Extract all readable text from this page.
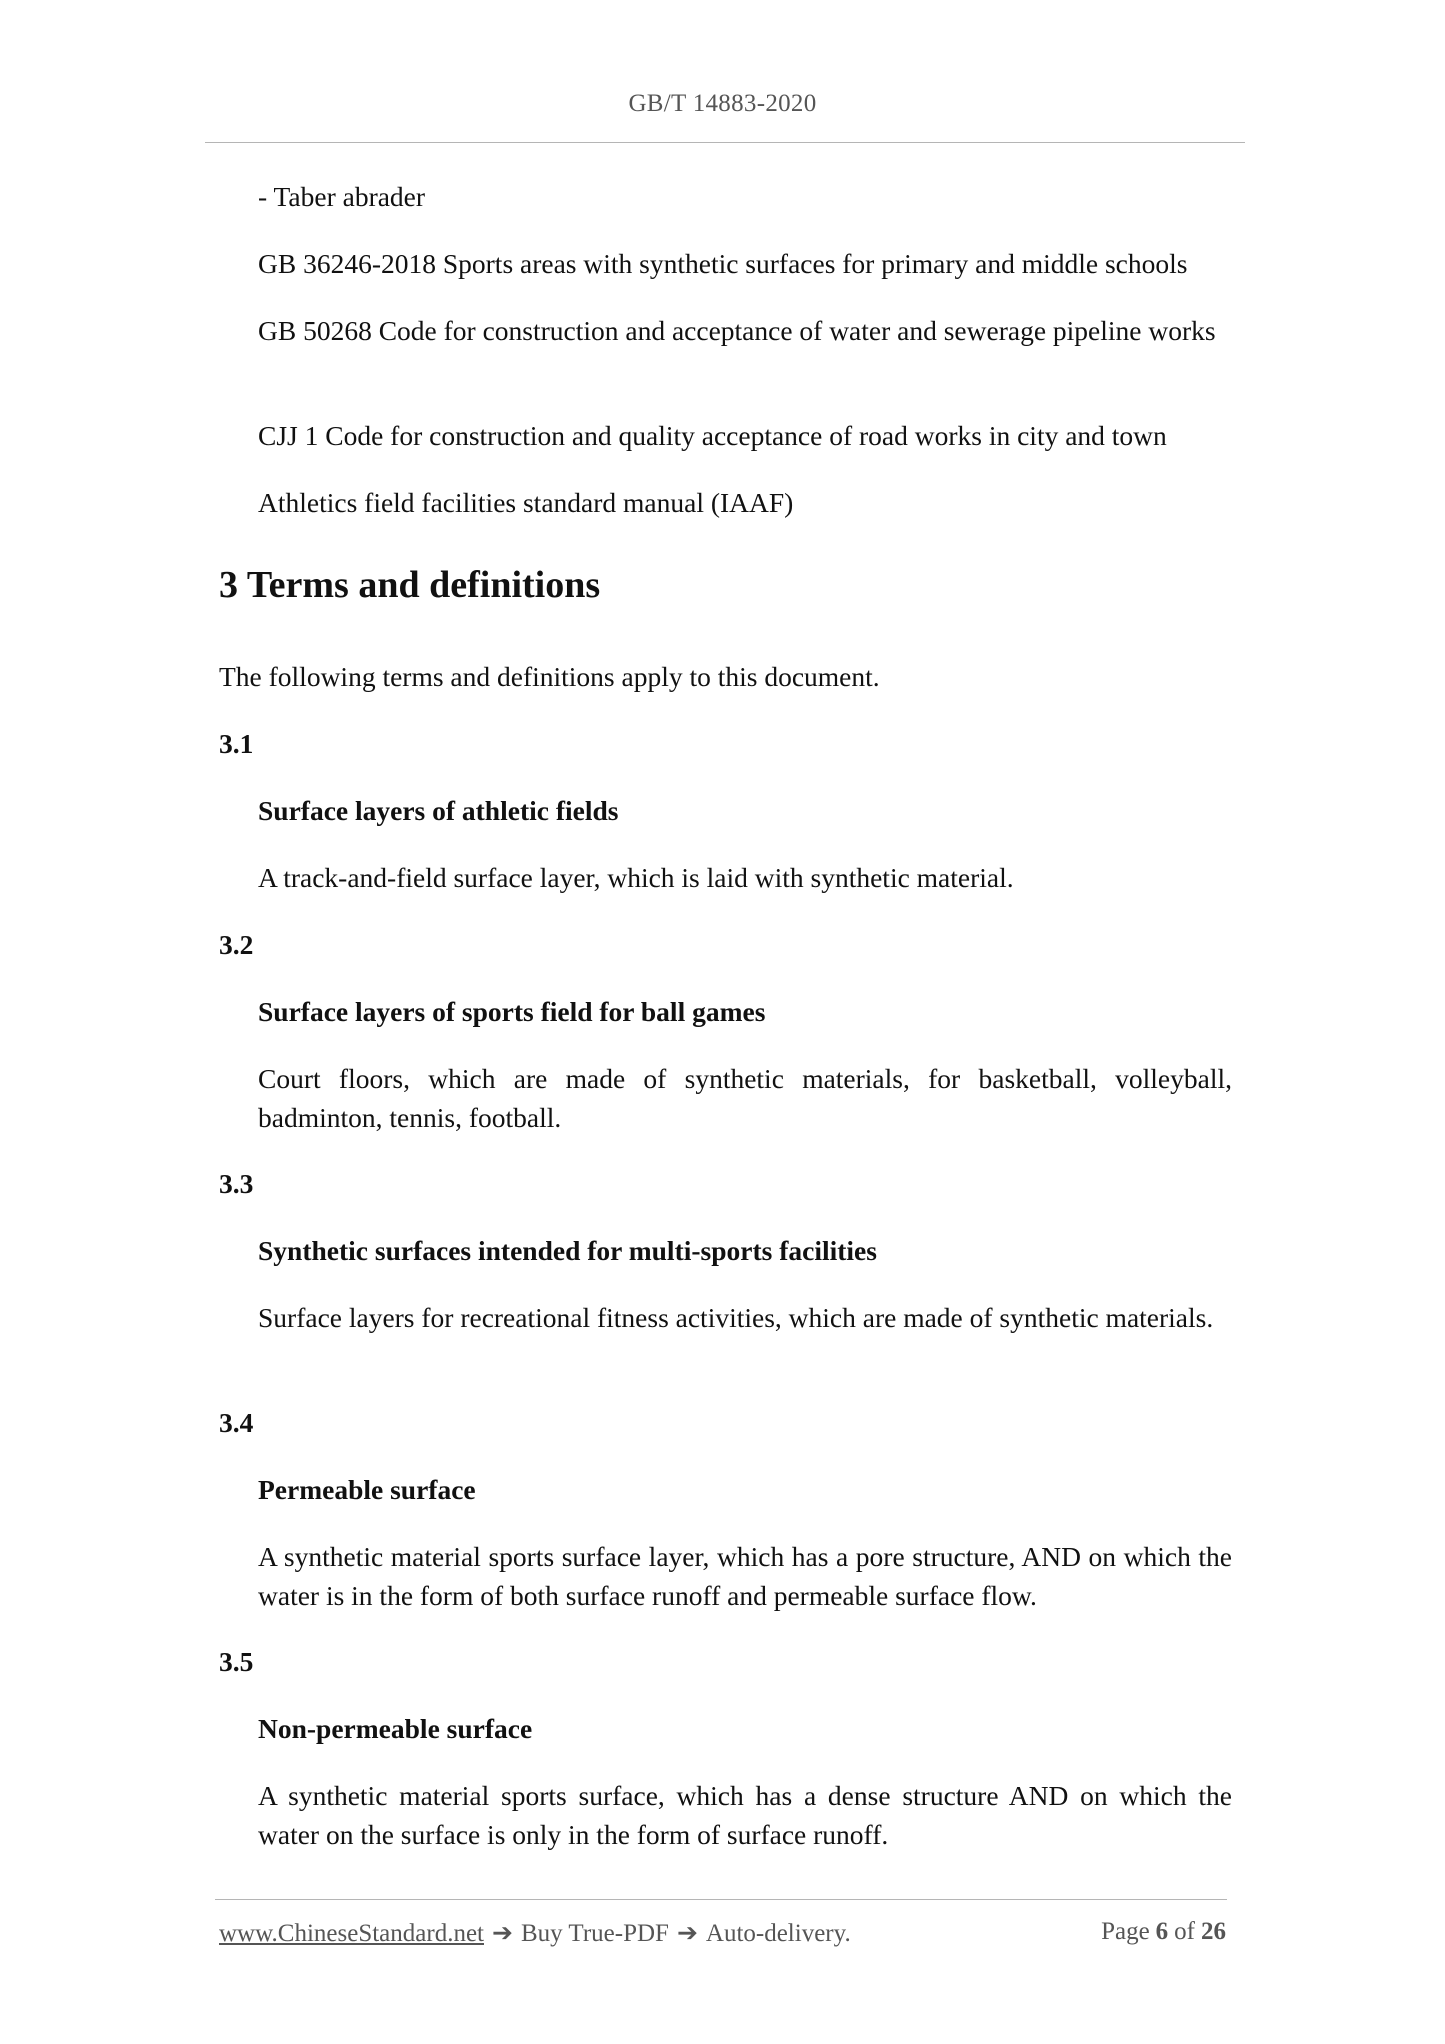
GB/T 14883-2020

- Taber abrader

GB 36246-2018 Sports areas with synthetic surfaces for primary and middle schools

GB 50268 Code for construction and acceptance of water and sewerage pipeline works

CJJ 1 Code for construction and quality acceptance of road works in city and town

Athletics field facilities standard manual (IAAF)

3 Terms and definitions

The following terms and definitions apply to this document.

3.1

Surface layers of athletic fields

A track-and-field surface layer, which is laid with synthetic material.

3.2

Surface layers of sports field for ball games

Court floors, which are made of synthetic materials, for basketball, volleyball, badminton, tennis, football.

3.3

Synthetic surfaces intended for multi-sports facilities

Surface layers for recreational fitness activities, which are made of synthetic materials.

3.4

Permeable surface

A synthetic material sports surface layer, which has a pore structure, AND on which the water is in the form of both surface runoff and permeable surface flow.

3.5

Non-permeable surface

A synthetic material sports surface, which has a dense structure AND on which the water on the surface is only in the form of surface runoff.

www.ChineseStandard.net ➔ Buy True-PDF ➔ Auto-delivery.	Page 6 of 26
